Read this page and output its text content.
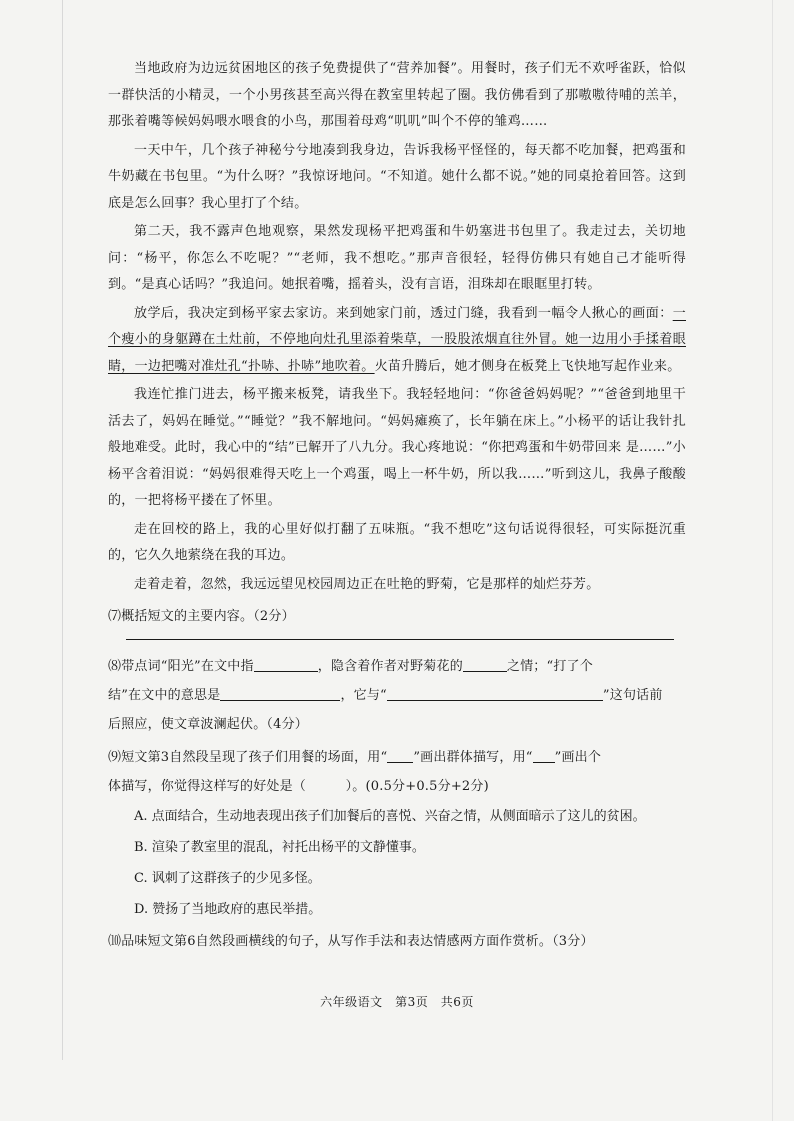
当地政府为边远贫困地区的孩子免费提供了“营养加餐”。用餐时，孩子们无不欢呼雀跃，恰似一群快活的小精灵，一个小男孩甚至高兴得在教室里转起了圈。我仿佛看到了那嗷嗷待哺的羔羊，那张着嘴等候妈妈喂水喂食的小鸟，那围着母鸡“叽叽”叫个不停的雏鸡……

一天中午，几个孩子神秘兮兮地凑到我身边，告诉我杨平怪怪的，每天都不吃加餐，把鸡蛋和牛奶藏在书包里。“为什么呀？”我惊讶地问。“不知道。她什么都不说。”她的同桌抢着回答。这到底是怎么回事？我心里打了个结。

第二天，我不露声色地观察，果然发现杨平把鸡蛋和牛奶塞进书包里了。我走过去，关切地问：“杨平，你怎么不吃呢？”“老师，我不想吃。”那声音很轻，轻得仿佛只有她自己才能听得到。“是真心话吗？”我追问。她抿着嘴，摇着头，没有言语，泪珠却在眼眶里打转。

放学后，我决定到杨平家去家访。来到她家门前，透过门缝，我看到一幅令人揪心的画面：一个瘦小的身躯蹲在土灶前，不停地向灶孔里添着柴草，一股股浓烟直往外冒。她一边用小手揉着眼睛，一边把嘴对准灶孔“扑哧、扑哧”地吹着。火苗升腾后，她才侧身在板凳上飞快地写起作业来。

我连忙推门进去，杨平搬来板凳，请我坐下。我轻轻地问：“你爸爸妈妈呢？”“爸爸到地里干活去了，妈妈在睡觉。”“睡觉？”我不解地问。“妈妈瘫痪了，长年躺在床上。”小杨平的话让我针扎般地难受。此时，我心中的“结”已解开了八九分。我心疼地说：“你把鸡蛋和牛奶带回来 是……”小杨平含着泪说：“妈妈很难得天吃上一个鸡蛋，喝上一杯牛奶，所以我……”听到这儿，我鼻子酸酸的，一把将杨平搂在了怀里。

走在回校的路上，我的心里好似打翻了五味瓶。“我不想吃”这句话说得很轻，可实际挺沉重的，它久久地萦绕在我的耳边。

走着走着，忽然，我远远望见校园周边正在吐艳的野菊，它是那样的灿烂芬芳。

⑺概括短文的主要内容。（2分）

⑻带点词“阳光”在文中指	，隐含着作者对野菊花的	之情；“打了个

结”在文中的意思是	，它与“	”这句话前

后照应，使文章波澜起伏。（4分）

⑼短文第3自然段呈现了孩子们用餐的场面，用“ ”画出群体描写，用“ ”画出个

体描写，你觉得这样写的好处是（　　　）。(0.5分+0.5分+2分)

A. 点面结合，生动地表现出孩子们加餐后的喜悦、兴奋之情，从侧面暗示了这儿的贫困。

B. 渲染了教室里的混乱，衬托出杨平的文静懂事。

C. 讽刺了这群孩子的少见多怪。

D. 赞扬了当地政府的惠民举措。

⑽品味短文第6自然段画横线的句子，从写作手法和表达情感两方面作赏析。（3分）

六年级语文　第3页　共6页
